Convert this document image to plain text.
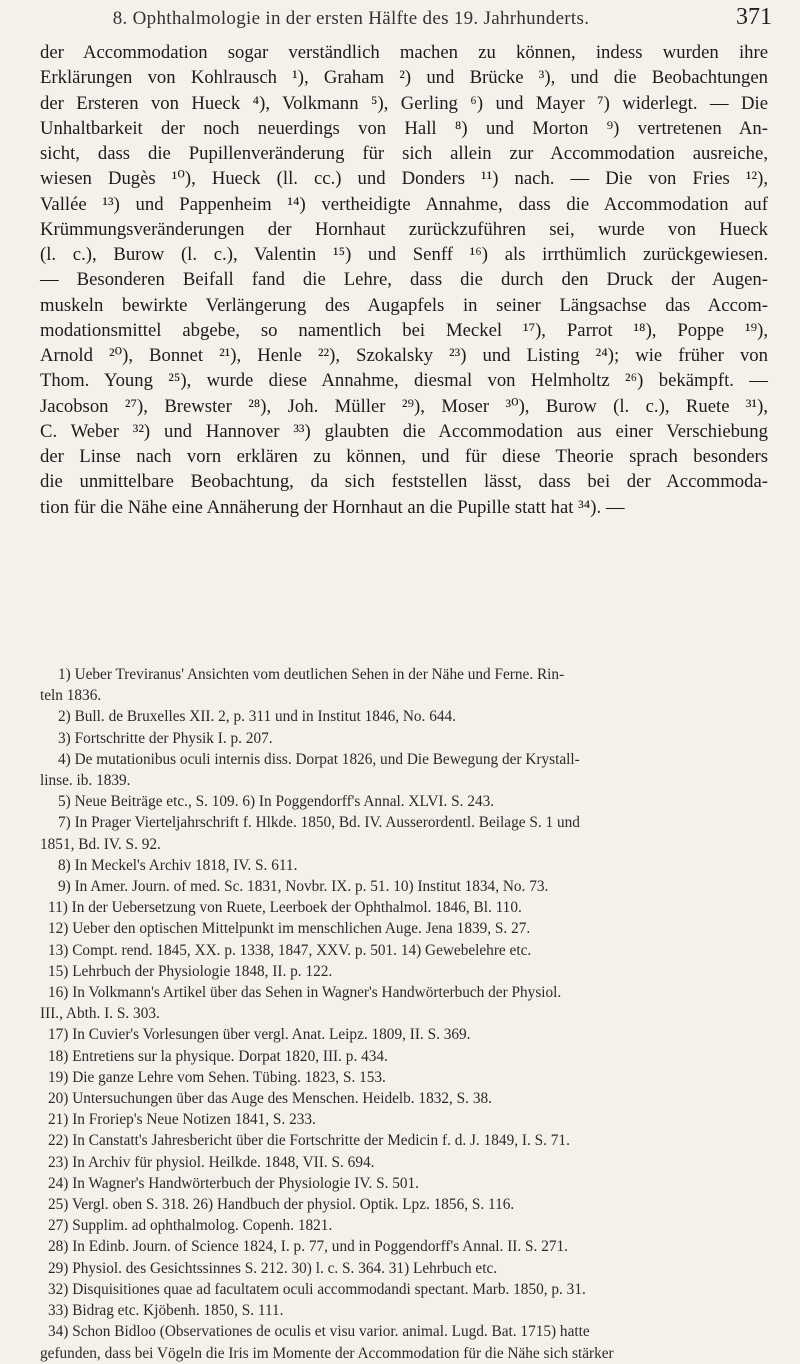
8. Ophthalmologie in der ersten Hälfte des 19. Jahrhunderts.	371
der Accommodation sogar verständlich machen zu können, indess wurden ihre
Erklärungen von Kohlrausch ¹), Graham ²) und Brücke ³), und die Beobachtungen
der Ersteren von Hueck ⁴), Volkmann ⁵), Gerling ⁶) und Mayer ⁷) widerlegt. — Die
Unhaltbarkeit der noch neuerdings von Hall ⁸) und Morton ⁹) vertretenen An-
sicht, dass die Pupillenveränderung für sich allein zur Accommodation ausreiche,
wiesen Dugès ¹⁰), Hueck (ll. cc.) und Donders ¹¹) nach. — Die von Fries ¹²),
Vallée ¹³) und Pappenheim ¹⁴) vertheidigte Annahme, dass die Accommodation auf
Krümmungsveränderungen der Hornhaut zurückzuführen sei, wurde von Hueck
(l. c.), Burow (l. c.), Valentin ¹⁵) und Senff ¹⁶) als irrthümlich zurückgewiesen.
— Besonderen Beifall fand die Lehre, dass die durch den Druck der Augen-
muskeln bewirkte Verlängerung des Augapfels in seiner Längsachse das Accom-
modationsmittel abgebe, so namentlich bei Meckel ¹⁷), Parrot ¹⁸), Poppe ¹⁹),
Arnold ²⁰), Bonnet ²¹), Henle ²²), Szokalsky ²³) und Listing ²⁴); wie früher von
Thom. Young ²⁵), wurde diese Annahme, diesmal von Helmholtz ²⁶) bekämpft. —
Jacobson ²⁷), Brewster ²⁸), Joh. Müller ²⁹), Moser ³⁰), Burow (l. c.), Ruete ³¹),
C. Weber ³²) und Hannover ³³) glaubten die Accommodation aus einer Verschiebung
der Linse nach vorn erklären zu können, und für diese Theorie sprach besonders
die unmittelbare Beobachtung, da sich feststellen lässt, dass bei der Accommoda-
tion für die Nähe eine Annäherung der Hornhaut an die Pupille statt hat ³⁴). —
1) Ueber Treviranus' Ansichten vom deutlichen Sehen in der Nähe und Ferne. Rin-
teln 1836.
2) Bull. de Bruxelles XII. 2, p. 311 und in Institut 1846, No. 644.
3) Fortschritte der Physik I. p. 207.
4) De mutationibus oculi internis diss. Dorpat 1826, und Die Bewegung der Krystall-
linse. ib. 1839.
5) Neue Beiträge etc., S. 109. 6) In Poggendorff's Annal. XLVI. S. 243.
7) In Prager Vierteljahrschrift f. Hlkde. 1850, Bd. IV. Ausserordentl. Beilage S. 1 und
1851, Bd. IV. S. 92.
8) In Meckel's Archiv 1818, IV. S. 611.
9) In Amer. Journ. of med. Sc. 1831, Novbr. IX. p. 51. 10) Institut 1834, No. 73.
11) In der Uebersetzung von Ruete, Leerboek der Ophthalmol. 1846, Bl. 110.
12) Ueber den optischen Mittelpunkt im menschlichen Auge. Jena 1839, S. 27.
13) Compt. rend. 1845, XX. p. 1338, 1847, XXV. p. 501. 14) Gewebelehre etc.
15) Lehrbuch der Physiologie 1848, II. p. 122.
16) In Volkmann's Artikel über das Sehen in Wagner's Handwörterbuch der Physiol.
III., Abth. I. S. 303.
17) In Cuvier's Vorlesungen über vergl. Anat. Leipz. 1809, II. S. 369.
18) Entretiens sur la physique. Dorpat 1820, III. p. 434.
19) Die ganze Lehre vom Sehen. Tübing. 1823, S. 153.
20) Untersuchungen über das Auge des Menschen. Heidelb. 1832, S. 38.
21) In Froriep's Neue Notizen 1841, S. 233.
22) In Canstatt's Jahresbericht über die Fortschritte der Medicin f. d. J. 1849, I. S. 71.
23) In Archiv für physiol. Heilkde. 1848, VII. S. 694.
24) In Wagner's Handwörterbuch der Physiologie IV. S. 501.
25) Vergl. oben S. 318. 26) Handbuch der physiol. Optik. Lpz. 1856, S. 116.
27) Supplim. ad ophthalmolog. Copenh. 1821.
28) In Edinb. Journ. of Science 1824, I. p. 77, und in Poggendorff's Annal. II. S. 271.
29) Physiol. des Gesichtssinnes S. 212. 30) l. c. S. 364. 31) Lehrbuch etc.
32) Disquisitiones quae ad facultatem oculi accommodandi spectant. Marb. 1850, p. 31.
33) Bidrag etc. Kjöbenh. 1850, S. 111.
34) Schon Bidloo (Observationes de oculis et visu varior. animal. Lugd. Bat. 1715) hatte
gefunden, dass bei Vögeln die Iris im Momente der Accommodation für die Nähe sich stärker
